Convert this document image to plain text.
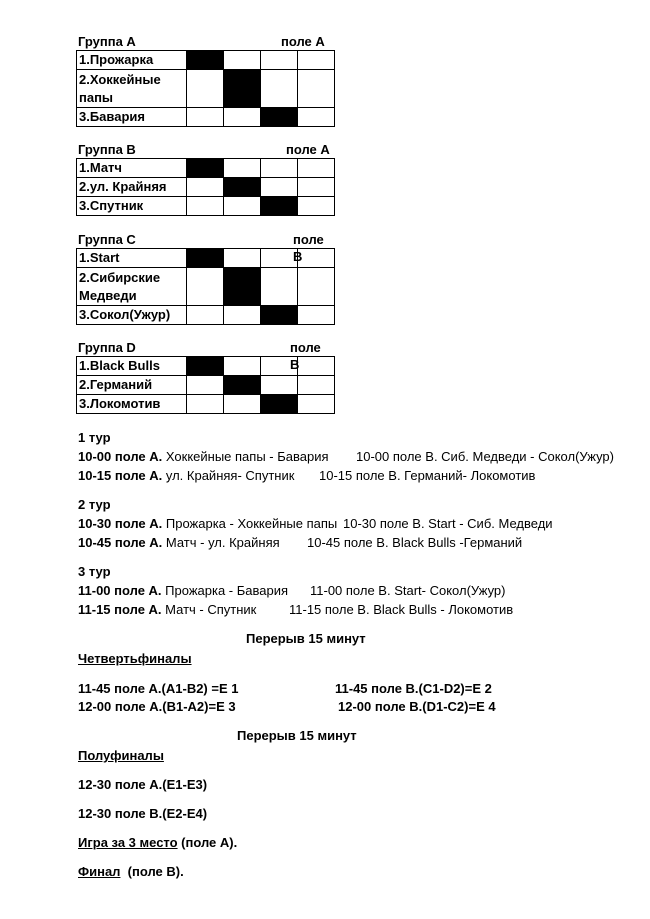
Группа А	поле А
1.Прожарка				
2.Хоккейные папы				
3.Бавария				
Группа В	поле А
1.Матч				
2.ул. Крайняя				
3.Спутник				
Группа С	поле В
1.Start				
2.Сибирские Медведи				
3.Сокол(Ужур)				
Группа D	поле В
1.Black Bulls				
2.Германий				
3.Локомотив				
1 тур
10-00 поле А. Хоккейные папы - Бавария 10-00 поле В. Сиб. Медведи - Сокол(Ужур)
10-15 поле А. ул. Крайняя- Спутник 10-15 поле В. Германий- Локомотив
2 тур
10-30 поле А. Прожарка - Хоккейные папы 10-30 поле В. Start - Сиб. Медведи
10-45 поле А. Матч - ул. Крайняя 10-45 поле В. Black Bulls -Германий
3 тур
11-00 поле А. Прожарка - Бавария 11-00 поле В. Start- Сокол(Ужур)
11-15 поле А. Матч - Спутник	11-15 поле В. Black Bulls - Локомотив
Перерыв 15 минут
Четвертьфиналы
11-45 поле А.(А1-В2) =Е 1	11-45 поле В.(С1-D2)=Е 2
12-00 поле А.(В1-А2)=Е 3	12-00 поле В.(D1-C2)=Е 4
Перерыв 15 минут
Полуфиналы
12-30 поле А.(Е1-Е3)
12-30 поле В.(Е2-Е4)
Игра за 3 место (поле А).
Финал  (поле В).
